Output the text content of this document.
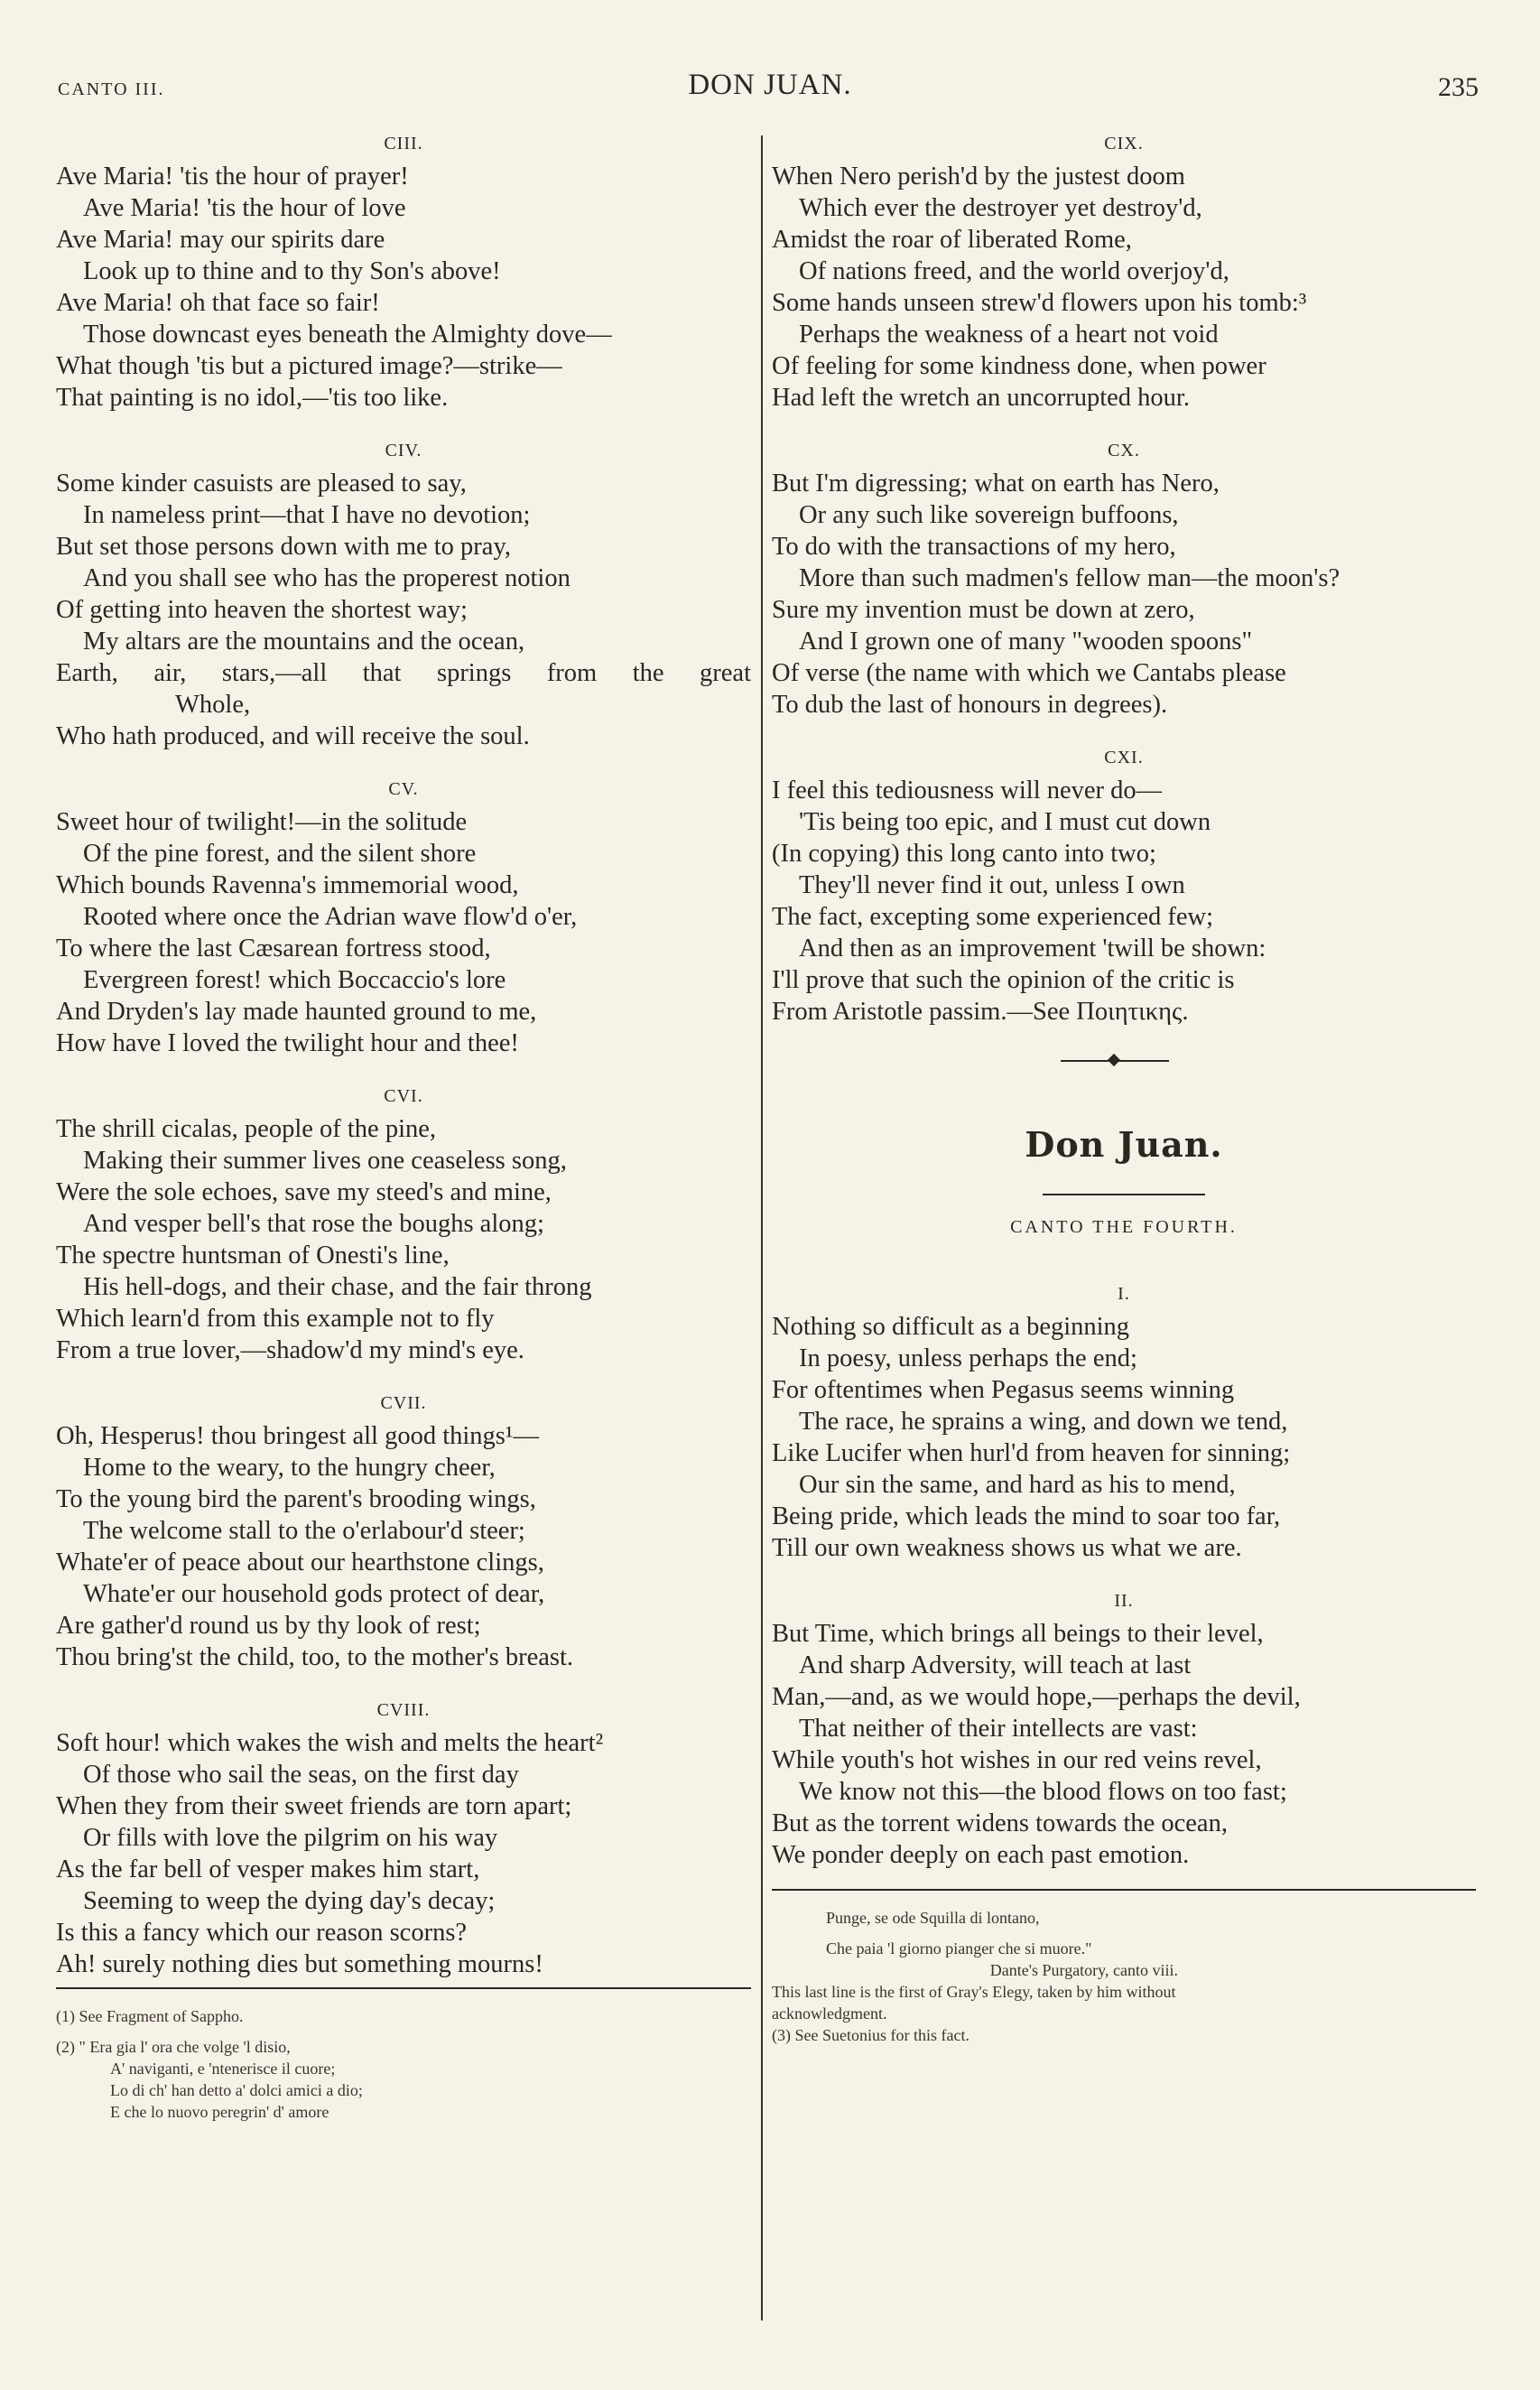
CANTO III.	DON JUAN.	235
CIII.
Ave Maria! 'tis the hour of prayer!
Ave Maria! 'tis the hour of love
Ave Maria! may our spirits dare
Look up to thine and to thy Son's above!
Ave Maria! oh that face so fair!
Those downcast eyes beneath the Almighty dove—
What though 'tis but a pictured image?—strike—
That painting is no idol,—'tis too like.
CIV.
Some kinder casuists are pleased to say,
In nameless print—that I have no devotion;
But set those persons down with me to pray,
And you shall see who has the properest notion
Of getting into heaven the shortest way;
My altars are the mountains and the ocean,
Earth, air, stars,—all that springs from the great
Whole,
Who hath produced, and will receive the soul.
CV.
Sweet hour of twilight!—in the solitude
Of the pine forest, and the silent shore
Which bounds Ravenna's immemorial wood,
Rooted where once the Adrian wave flow'd o'er,
To where the last Cæsarean fortress stood,
Evergreen forest! which Boccaccio's lore
And Dryden's lay made haunted ground to me,
How have I loved the twilight hour and thee!
CVI.
The shrill cicalas, people of the pine,
Making their summer lives one ceaseless song,
Were the sole echoes, save my steed's and mine,
And vesper bell's that rose the boughs along;
The spectre huntsman of Onesti's line,
His hell-dogs, and their chase, and the fair throng
Which learn'd from this example not to fly
From a true lover,—shadow'd my mind's eye.
CVII.
Oh, Hesperus! thou bringest all good things¹—
Home to the weary, to the hungry cheer,
To the young bird the parent's brooding wings,
The welcome stall to the o'erlabour'd steer;
Whate'er of peace about our hearthstone clings,
Whate'er our household gods protect of dear,
Are gather'd round us by thy look of rest;
Thou bring'st the child, too, to the mother's breast.
CVIII.
Soft hour! which wakes the wish and melts the heart²
Of those who sail the seas, on the first day
When they from their sweet friends are torn apart;
Or fills with love the pilgrim on his way
As the far bell of vesper makes him start,
Seeming to weep the dying day's decay;
Is this a fancy which our reason scorns?
Ah! surely nothing dies but something mourns!
(1) See Fragment of Sappho.
(2) " Era gia l' ora che volge 'l disio,
A' naviganti, e 'ntenerisce il cuore;
Lo di ch' han detto a' dolci amici a dio;
E che lo nuovo peregrin' d' amore
CIX.
When Nero perish'd by the justest doom
Which ever the destroyer yet destroy'd,
Amidst the roar of liberated Rome,
Of nations freed, and the world overjoy'd,
Some hands unseen strew'd flowers upon his tomb:³
Perhaps the weakness of a heart not void
Of feeling for some kindness done, when power
Had left the wretch an uncorrupted hour.
CX.
But I'm digressing; what on earth has Nero,
Or any such like sovereign buffoons,
To do with the transactions of my hero,
More than such madmen's fellow man—the moon's?
Sure my invention must be down at zero,
And I grown one of many "wooden spoons"
Of verse (the name with which we Cantabs please
To dub the last of honours in degrees).
CXI.
I feel this tediousness will never do—
'Tis being too epic, and I must cut down
(In copying) this long canto into two;
They'll never find it out, unless I own
The fact, excepting some experienced few;
And then as an improvement 'twill be shown:
I'll prove that such the opinion of the critic is
From Aristotle passim.—See Ποιητικης.
Don Juan.
CANTO THE FOURTH.
I.
Nothing so difficult as a beginning
In poesy, unless perhaps the end;
For oftentimes when Pegasus seems winning
The race, he sprains a wing, and down we tend,
Like Lucifer when hurl'd from heaven for sinning;
Our sin the same, and hard as his to mend,
Being pride, which leads the mind to soar too far,
Till our own weakness shows us what we are.
II.
But Time, which brings all beings to their level,
And sharp Adversity, will teach at last
Man,—and, as we would hope,—perhaps the devil,
That neither of their intellects are vast:
While youth's hot wishes in our red veins revel,
We know not this—the blood flows on too fast;
But as the torrent widens towards the ocean,
We ponder deeply on each past emotion.
Punge, se ode Squilla di lontano,
Che paia 'l giorno pianger che si muore."
Dante's Purgatory, canto viii.
This last line is the first of Gray's Elegy, taken by him without
acknowledgment.
(3) See Suetonius for this fact.
